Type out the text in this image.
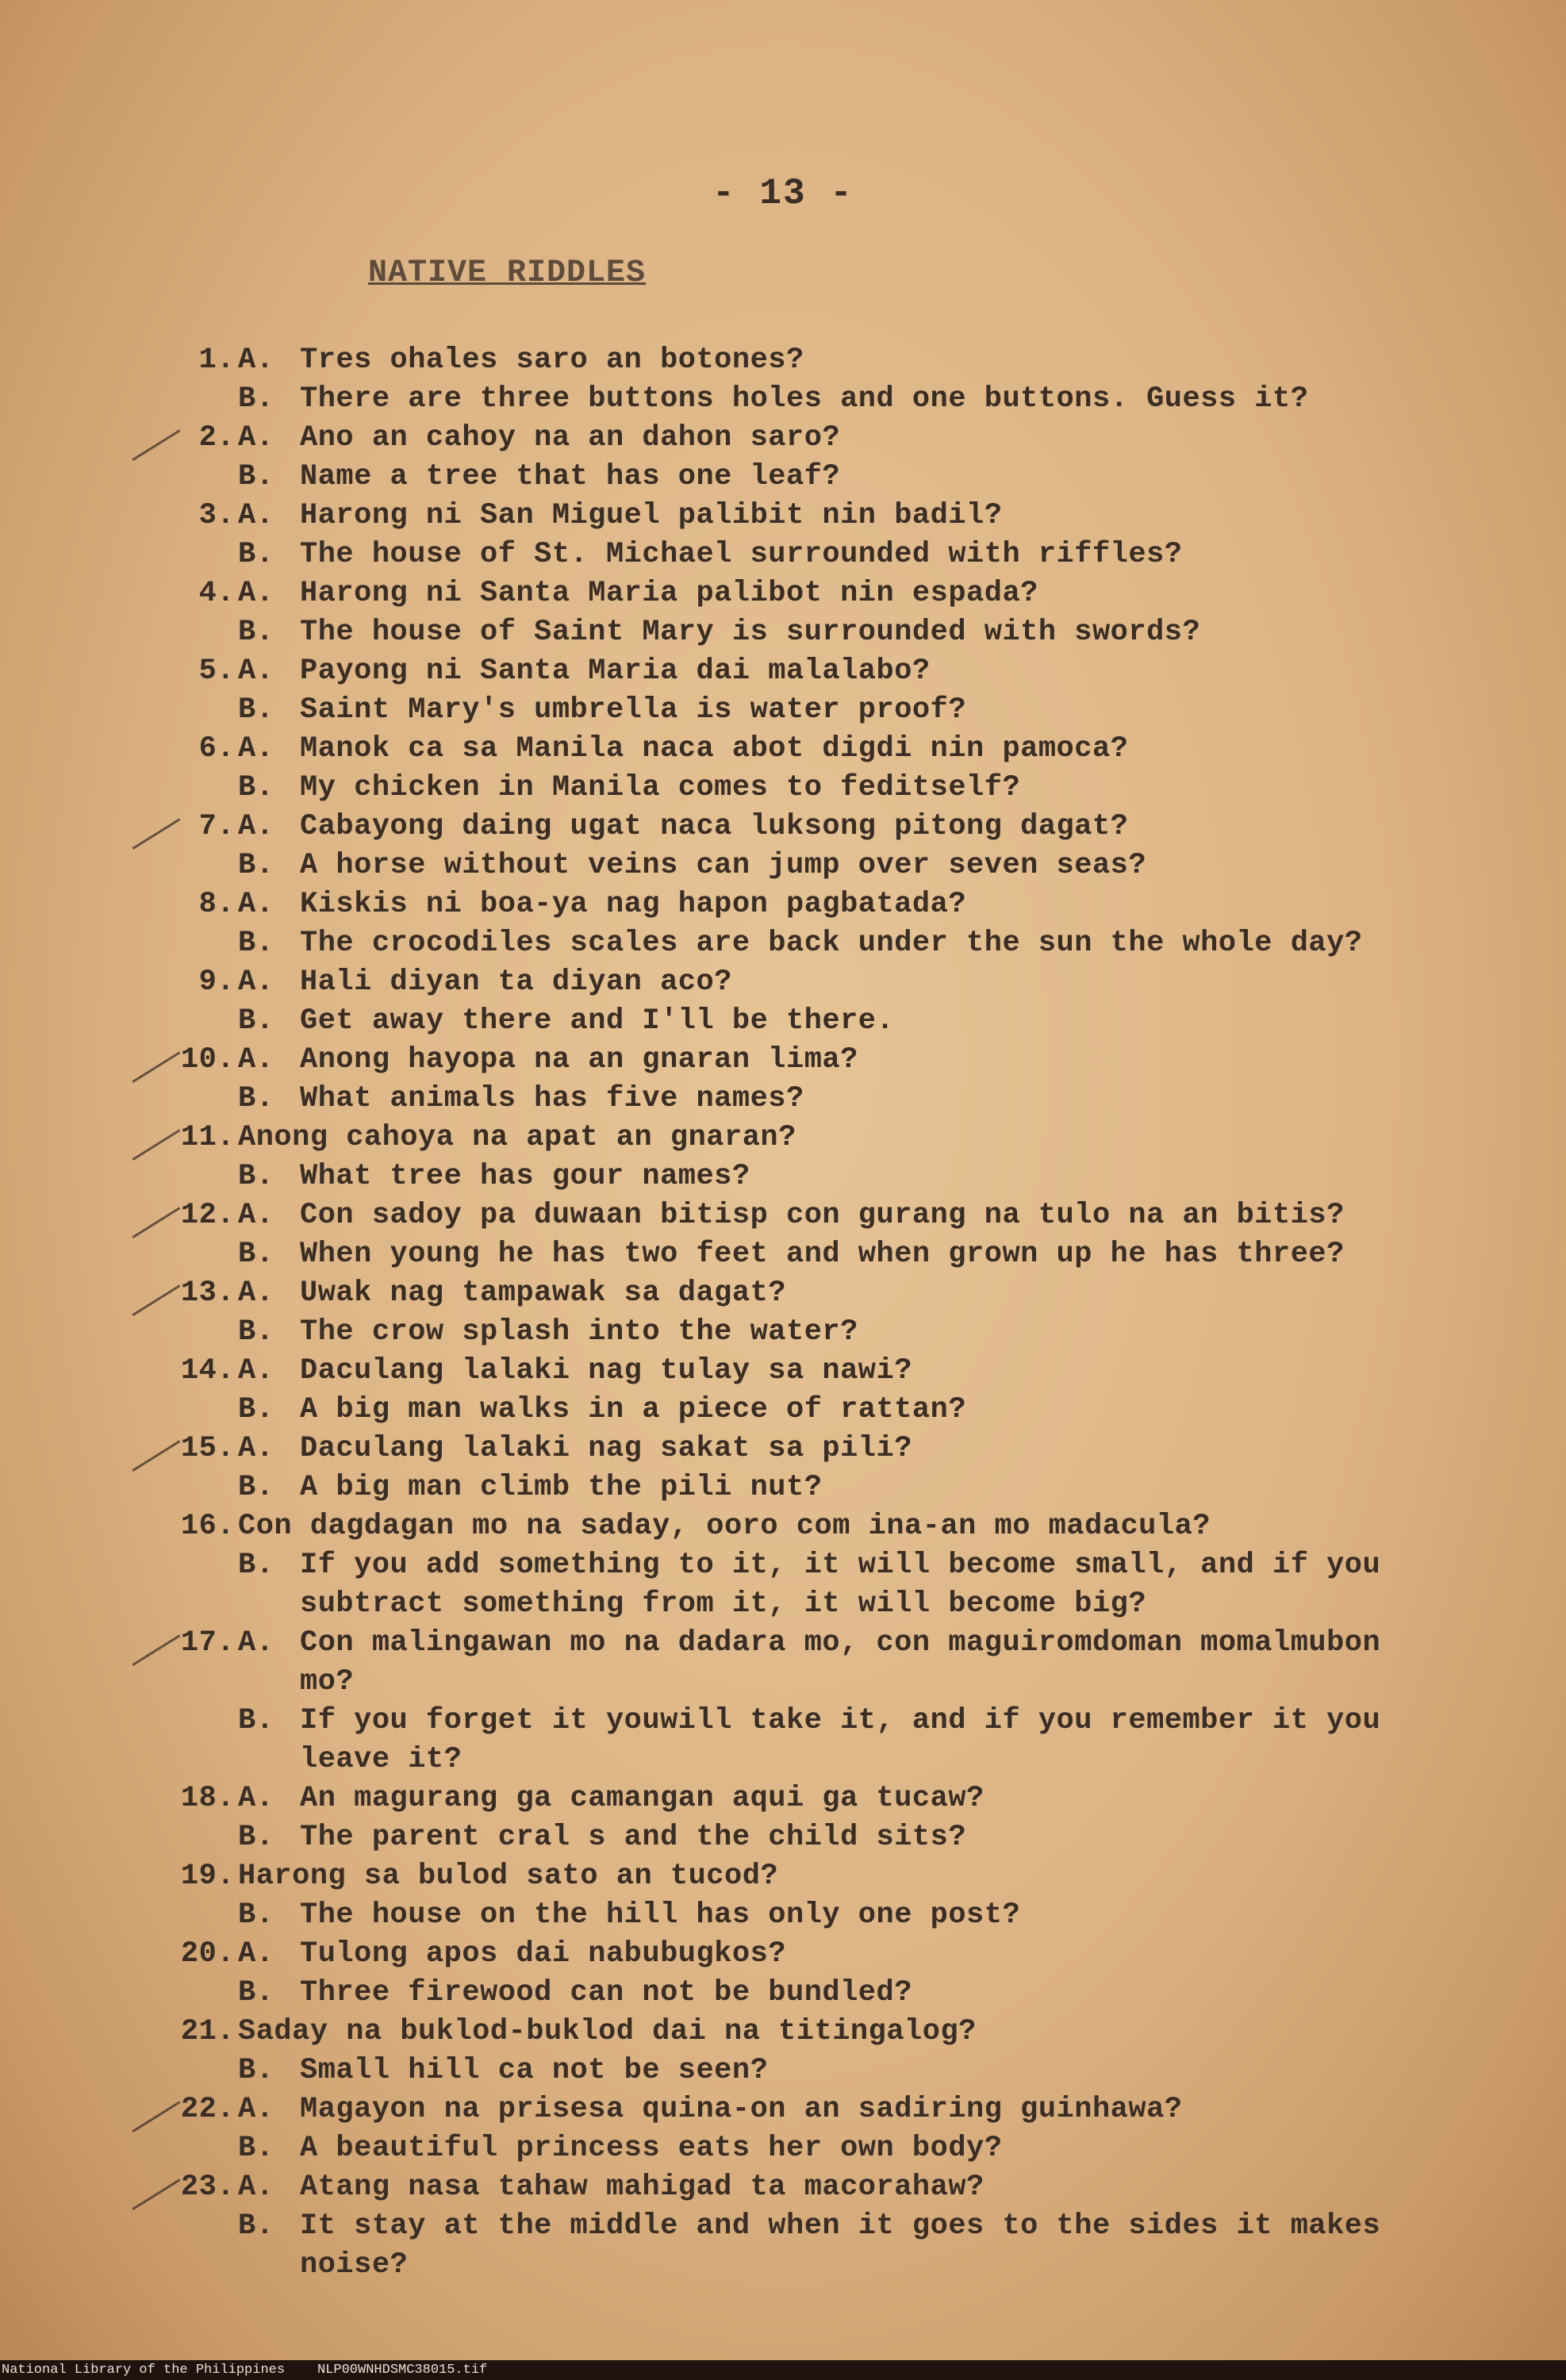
- 13 -
NATIVE RIDDLES
1. A. Tres ohales saro an botones?
B. There are three buttons holes and one buttons. Guess it?
2. A. Ano an cahoy na an dahon saro?
B. Name a tree that has one leaf?
3. A. Harong ni San Miguel palibit nin badil?
B. The house of St. Michael surrounded with riffles?
4. A. Harong ni Santa Maria palibot nin espada?
B. The house of Saint Mary is surrounded with swords?
5. A. Payong ni Santa Maria dai malalabo?
B. Saint Mary's umbrella is water proof?
6. A. Manok ca sa Manila naca abot digdi nin pamoca?
B. My chicken in Manila comes to feditself?
7. A. Cabayong daing ugat naca luksong pitong dagat?
B. A horse without veins can jump over seven seas?
8. A. Kiskis ni boa-ya nag hapon pagbatada?
B. The crocodiles scales are back under the sun the whole day?
9. A. Hali diyan ta diyan aco?
B. Get away there and I'll be there.
10. A. Anong hayopa na an gnaran lima?
B. What animals has five names?
11. Anong cahoya na apat an gnaran?
B. What tree has gour names?
12. A. Con sadoy pa duwaan bitisp con gurang na tulo na an bitis?
B. When young he has two feet and when grown up he has three?
13. A. Uwak nag tampawak sa dagat?
B. The crow splash into the water?
14. A. Daculang lalaki nag tulay sa nawi?
B. A big man walks in a piece of rattan?
15. A. Daculang lalaki nag sakat sa pili?
B. A big man climb the pili nut?
16. Con dagdagan mo na saday, ooro com ina-an mo madacula?
B. If you add something to it, it will become small, and if you
subtract something from it, it will become big?
17. A. Con malingawan mo na dadara mo, con maguiromdoman momalmubon
mo?
B. If you forget it youwill take it, and if you remember it you
leave it?
18. A. An magurang ga camangan aqui ga tucaw?
B. The parent cral s and the child sits?
19. Harong sa bulod sato an tucod?
B. The house on the hill has only one post?
20. A. Tulong apos dai nabubugkos?
B. Three firewood can not be bundled?
21. Saday na buklod-buklod dai na titingalog?
B. Small hill ca not be seen?
22. A. Magayon na prisesa quina-on an sadiring guinhawa?
B. A beautiful princess eats her own body?
23. A. Atang nasa tahaw mahigad ta macorahaw?
B. It stay at the middle and when it goes to the sides it makes
noise?
National Library of the Philippines NLP00WNHDSMC38015.tif
